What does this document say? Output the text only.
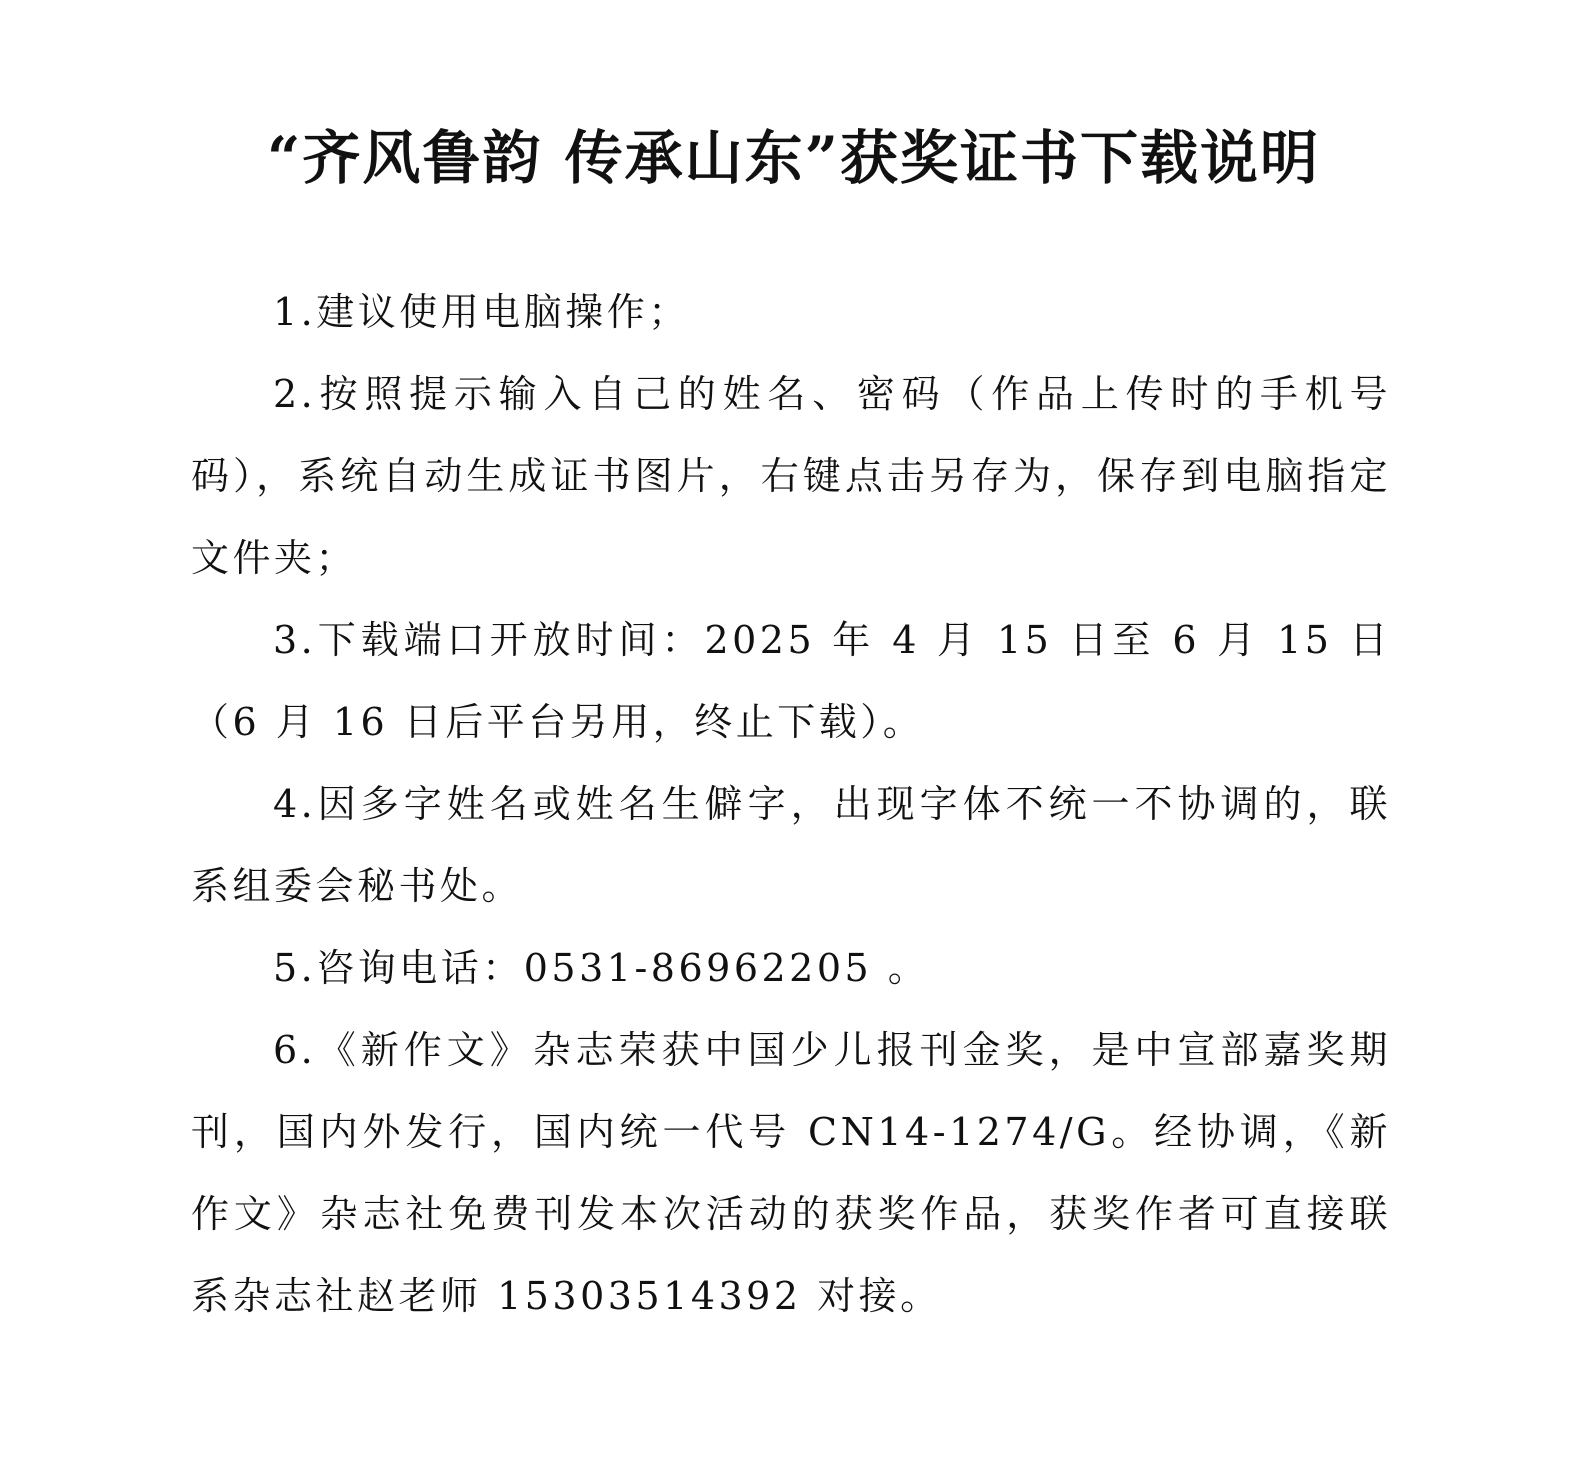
“齐风鲁韵 传承山东”获奖证书下载说明

1.建议使用电脑操作；

2.按照提示输入自己的姓名、密码（作品上传时的手机号码），系统自动生成证书图片，右键点击另存为，保存到电脑指定文件夹；

3.下载端口开放时间：2025 年 4 月 15 日至 6 月 15 日（6 月 16 日后平台另用，终止下载）。

4.因多字姓名或姓名生僻字，出现字体不统一不协调的，联系组委会秘书处。

5.咨询电话：0531-86962205 。

6.《新作文》杂志荣获中国少儿报刊金奖，是中宣部嘉奖期刊，国内外发行，国内统一代号 CN14-1274/G。经协调，《新作文》杂志社免费刊发本次活动的获奖作品，获奖作者可直接联系杂志社赵老师 15303514392 对接。
